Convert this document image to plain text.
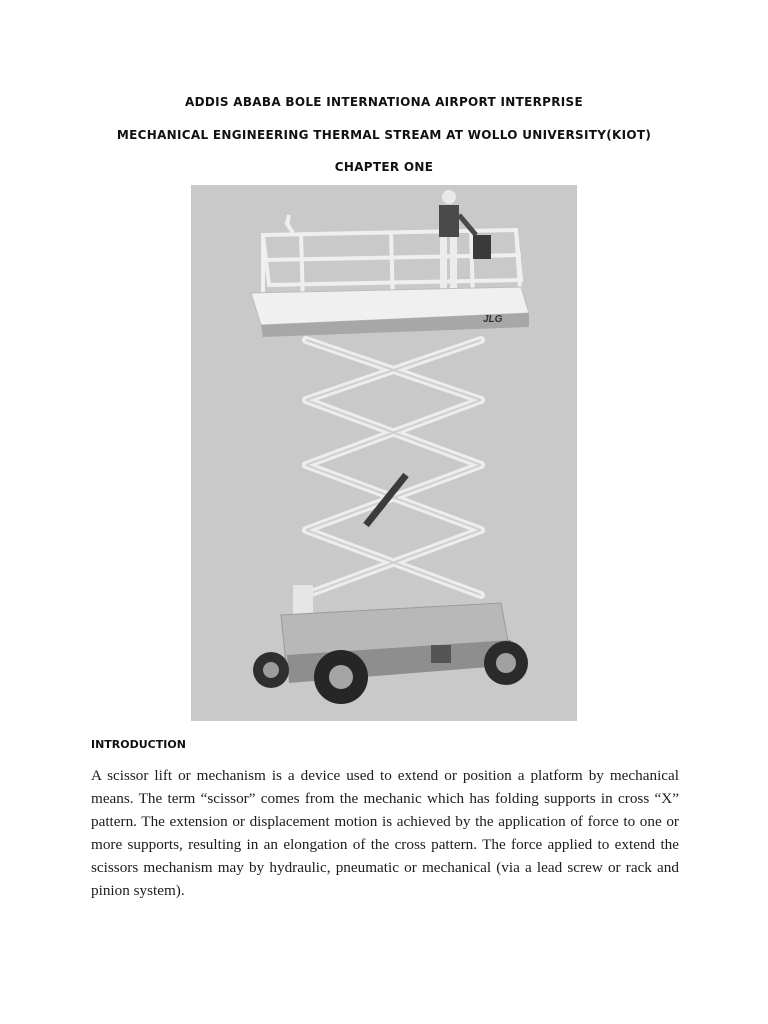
ADDIS ABABA BOLE INTERNATIONA AIRPORT INTERPRISE
MECHANICAL ENGINEERING THERMAL STREAM AT WOLLO UNIVERSITY(KIOT)
CHAPTER ONE
JLG
INTRODUCTION

A scissor lift or mechanism is a device used to extend or position a platform by mechanical means. The term “scissor” comes from the mechanic which has folding supports in cross “X” pattern. The extension or displacement motion is achieved by the application of force to one or more supports, resulting in an elongation of the cross pattern. The force applied to extend the scissors mechanism may by hydraulic, pneumatic or mechanical (via a lead screw or rack and pinion system).
